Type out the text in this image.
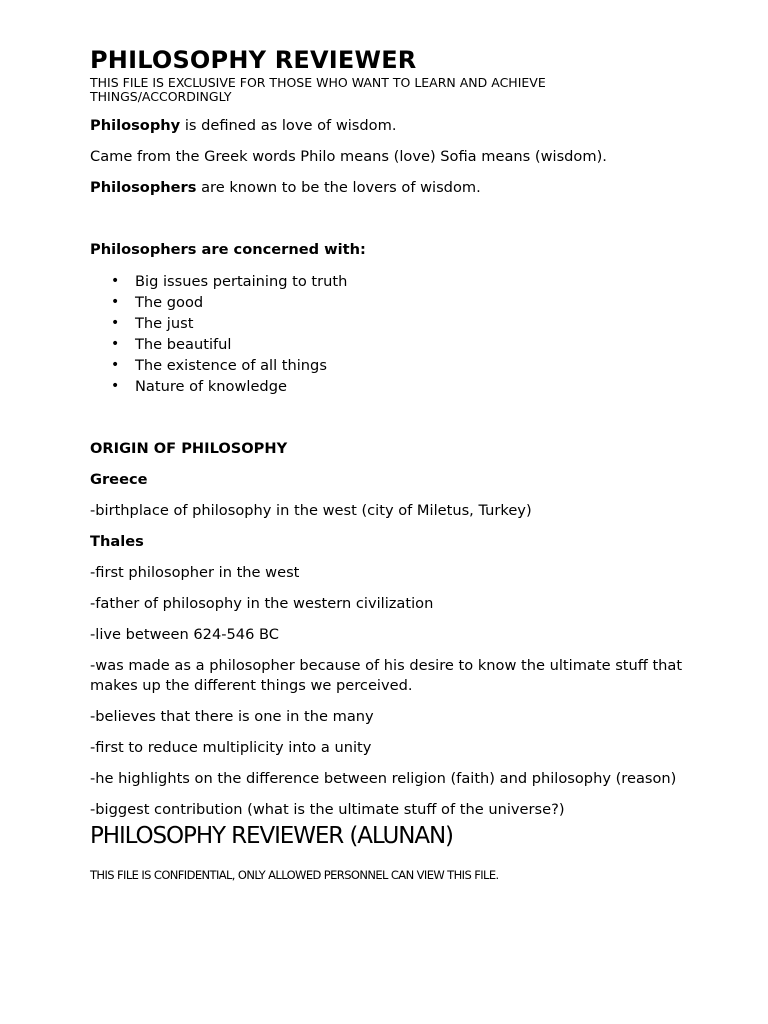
PHILOSOPHY REVIEWER
THIS FILE IS EXCLUSIVE FOR THOSE WHO WANT TO LEARN AND ACHIEVE THINGS/ACCORDINGLY

Philosophy is defined as love of wisdom.

Came from the Greek words Philo means (love) Sofia means (wisdom).

Philosophers are known to be the lovers of wisdom.

Philosophers are concerned with:
• Big issues pertaining to truth
• The good
• The just
• The beautiful
• The existence of all things
• Nature of knowledge
ORIGIN OF PHILOSOPHY
Greece

-birthplace of philosophy in the west (city of Miletus, Turkey)

Thales

-first philosopher in the west

-father of philosophy in the western civilization

-live between 624-546 BC

-was made as a philosopher because of his desire to know the ultimate stuff that makes up the different things we perceived.

-believes that there is one in the many

-first to reduce multiplicity into a unity

-he highlights on the difference between religion (faith) and philosophy (reason)

-biggest contribution (what is the ultimate stuff of the universe?)

PHILOSOPHY REVIEWER (ALUNAN)
THIS FILE IS CONFIDENTIAL, ONLY ALLOWED PERSONNEL CAN VIEW THIS FILE.
